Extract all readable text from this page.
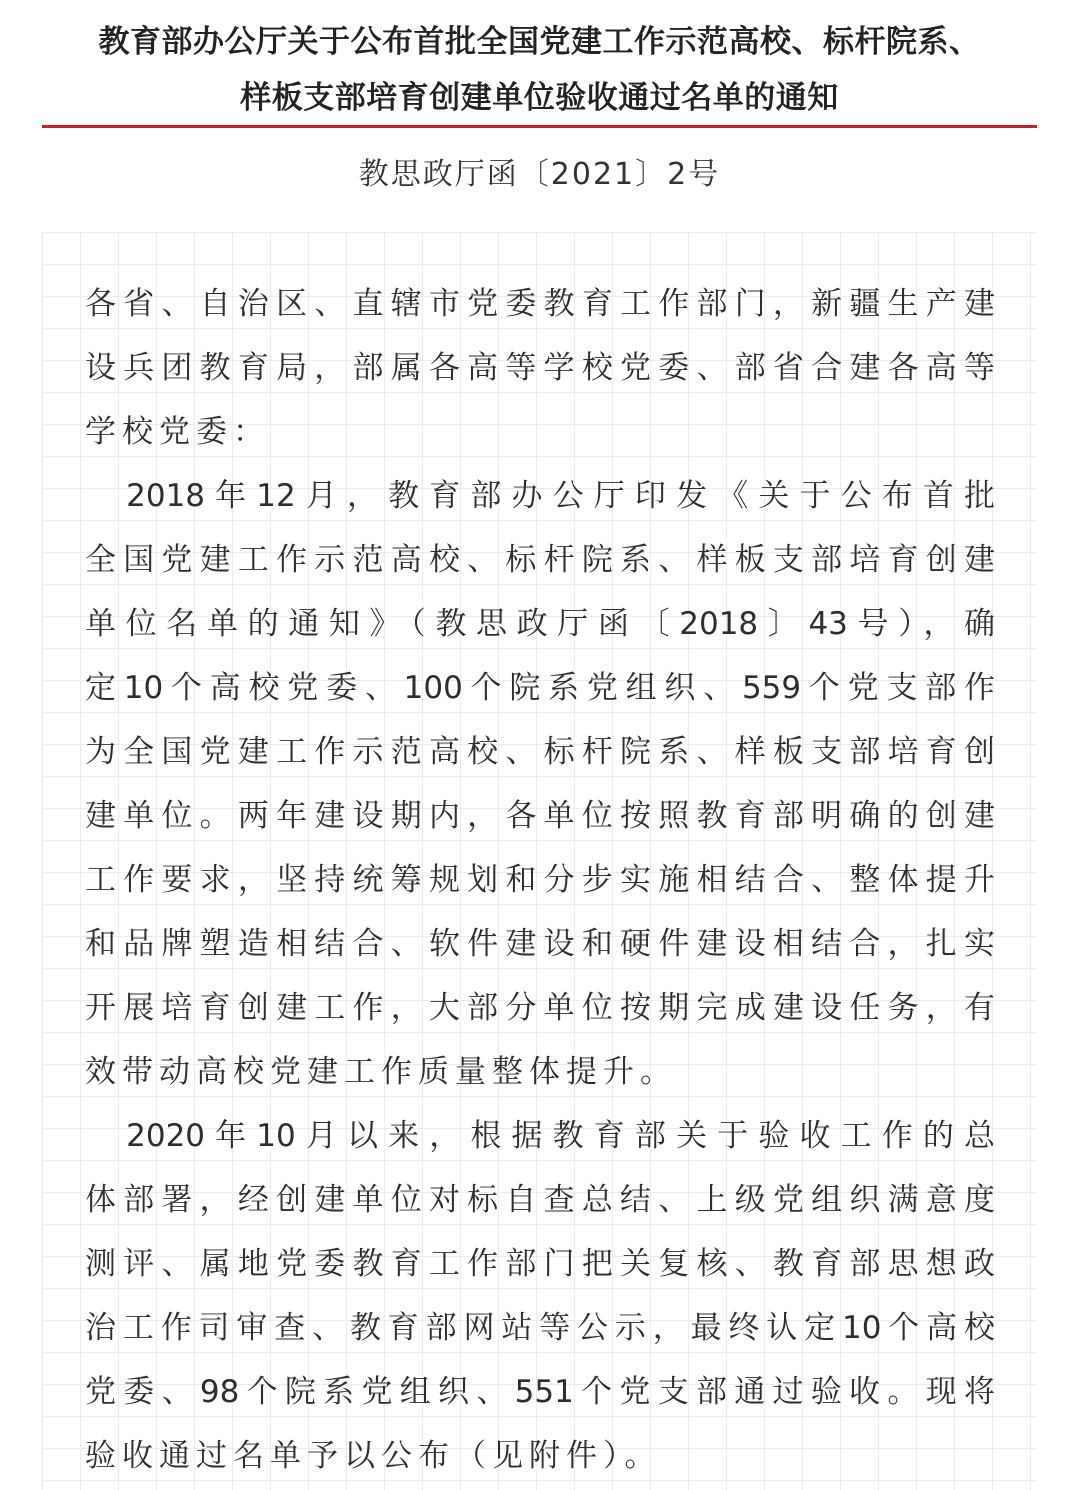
教育部办公厅关于公布首批全国党建工作示范高校、标杆院系、
样板支部培育创建单位验收通过名单的通知
教思政厅函〔2021〕2号
各省、自治区、直辖市党委教育工作部门，新疆生产建
设兵团教育局，部属各高等学校党委、部省合建各高等
学校党委：
　2018年12月，教育部办公厅印发《关于公布首批
全国党建工作示范高校、标杆院系、样板支部培育创建
单位名单的通知》（教思政厅函〔2018〕43号），确
定10个高校党委、100个院系党组织、559个党支部作
为全国党建工作示范高校、标杆院系、样板支部培育创
建单位。两年建设期内，各单位按照教育部明确的创建
工作要求，坚持统筹规划和分步实施相结合、整体提升
和品牌塑造相结合、软件建设和硬件建设相结合，扎实
开展培育创建工作，大部分单位按期完成建设任务，有
效带动高校党建工作质量整体提升。
　2020年10月以来，根据教育部关于验收工作的总
体部署，经创建单位对标自查总结、上级党组织满意度
测评、属地党委教育工作部门把关复核、教育部思想政
治工作司审查、教育部网站等公示，最终认定10个高校
党委、98个院系党组织、551个党支部通过验收。现将
验收通过名单予以公布（见附件）。
